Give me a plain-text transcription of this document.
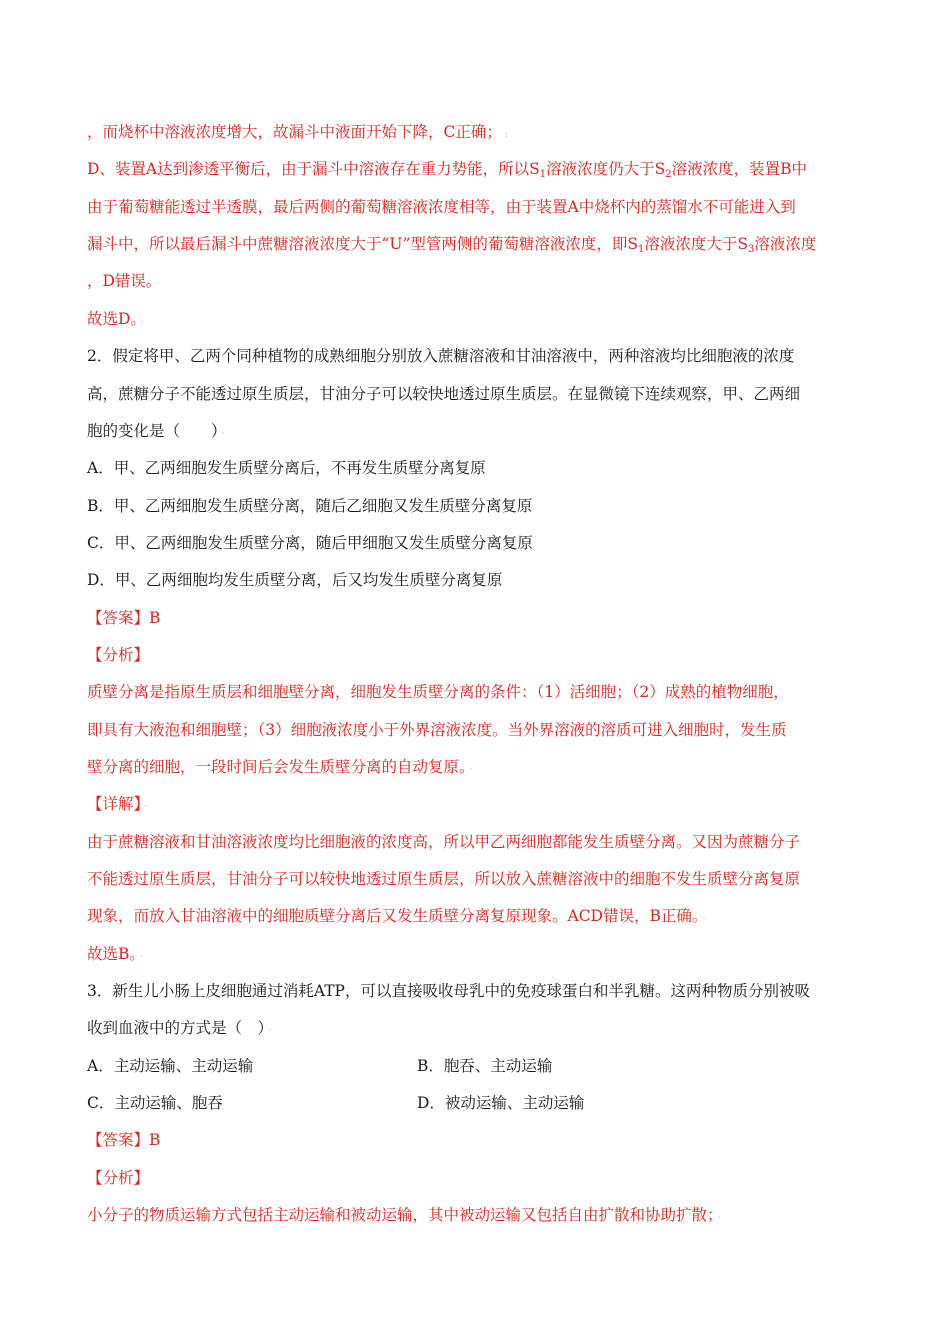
，而烧杯中溶液浓度增大，故漏斗中液面开始下降，C正确； :
D、装置A达到渗透平衡后，由于漏斗中溶液存在重力势能，所以$S_1$溶液浓度仍大于$S_2$溶液浓度，装置B中
由于葡萄糖能透过半透膜，最后两侧的葡萄糖溶液浓度相等，由于装置A中烧杯内的蒸馏水不可能进入到
漏斗中，所以最后漏斗中蔗糖溶液浓度大于“U”型管两侧的葡萄糖溶液浓度，即$S_1$溶液浓度大于$S_3$溶液浓度
，D错误。 ·
故选D。 ·
2．假定将甲、乙两个同种植物的成熟细胞分别放入蔗糖溶液和甘油溶液中，两种溶液均比细胞液的浓度
高，蔗糖分子不能透过原生质层，甘油分子可以较快地透过原生质层。在显微镜下连续观察，甲、乙两细
胞的变化是（　　） ·
A．甲、乙两细胞发生质壁分离后，不再发生质壁分离复原
B．甲、乙两细胞发生质壁分离，随后乙细胞又发生质壁分离复原
C．甲、乙两细胞发生质壁分离，随后甲细胞又发生质壁分离复原
D．甲、乙两细胞均发生质壁分离，后又均发生质壁分离复原
【答案】B
【分析】
质壁分离是指原生质层和细胞壁分离，细胞发生质壁分离的条件：（1）活细胞；（2）成熟的植物细胞，
即具有大液泡和细胞壁；（3）细胞液浓度小于外界溶液浓度。当外界溶液的溶质可进入细胞时，发生质
壁分离的细胞，一段时间后会发生质壁分离的自动复原。 ·
【详解】 ·
由于蔗糖溶液和甘油溶液浓度均比细胞液的浓度高，所以甲乙两细胞都能发生质壁分离。又因为蔗糖分子
不能透过原生质层，甘油分子可以较快地透过原生质层，所以放入蔗糖溶液中的细胞不发生质壁分离复原
现象，而放入甘油溶液中的细胞质壁分离后又发生质壁分离复原现象。ACD错误，B正确。 ·
故选B。 ·
3．新生儿小肠上皮细胞通过消耗ATP，可以直接吸收母乳中的免疫球蛋白和半乳糖。这两种物质分别被吸
收到血液中的方式是（　） ·
A．主动运输、主动运输	B．胞吞、主动运输
C．主动运输、胞吞	D．被动运输、主动运输
【答案】B
【分析】
小分子的物质运输方式包括主动运输和被动运输，其中被动运输又包括自由扩散和协助扩散； ·
